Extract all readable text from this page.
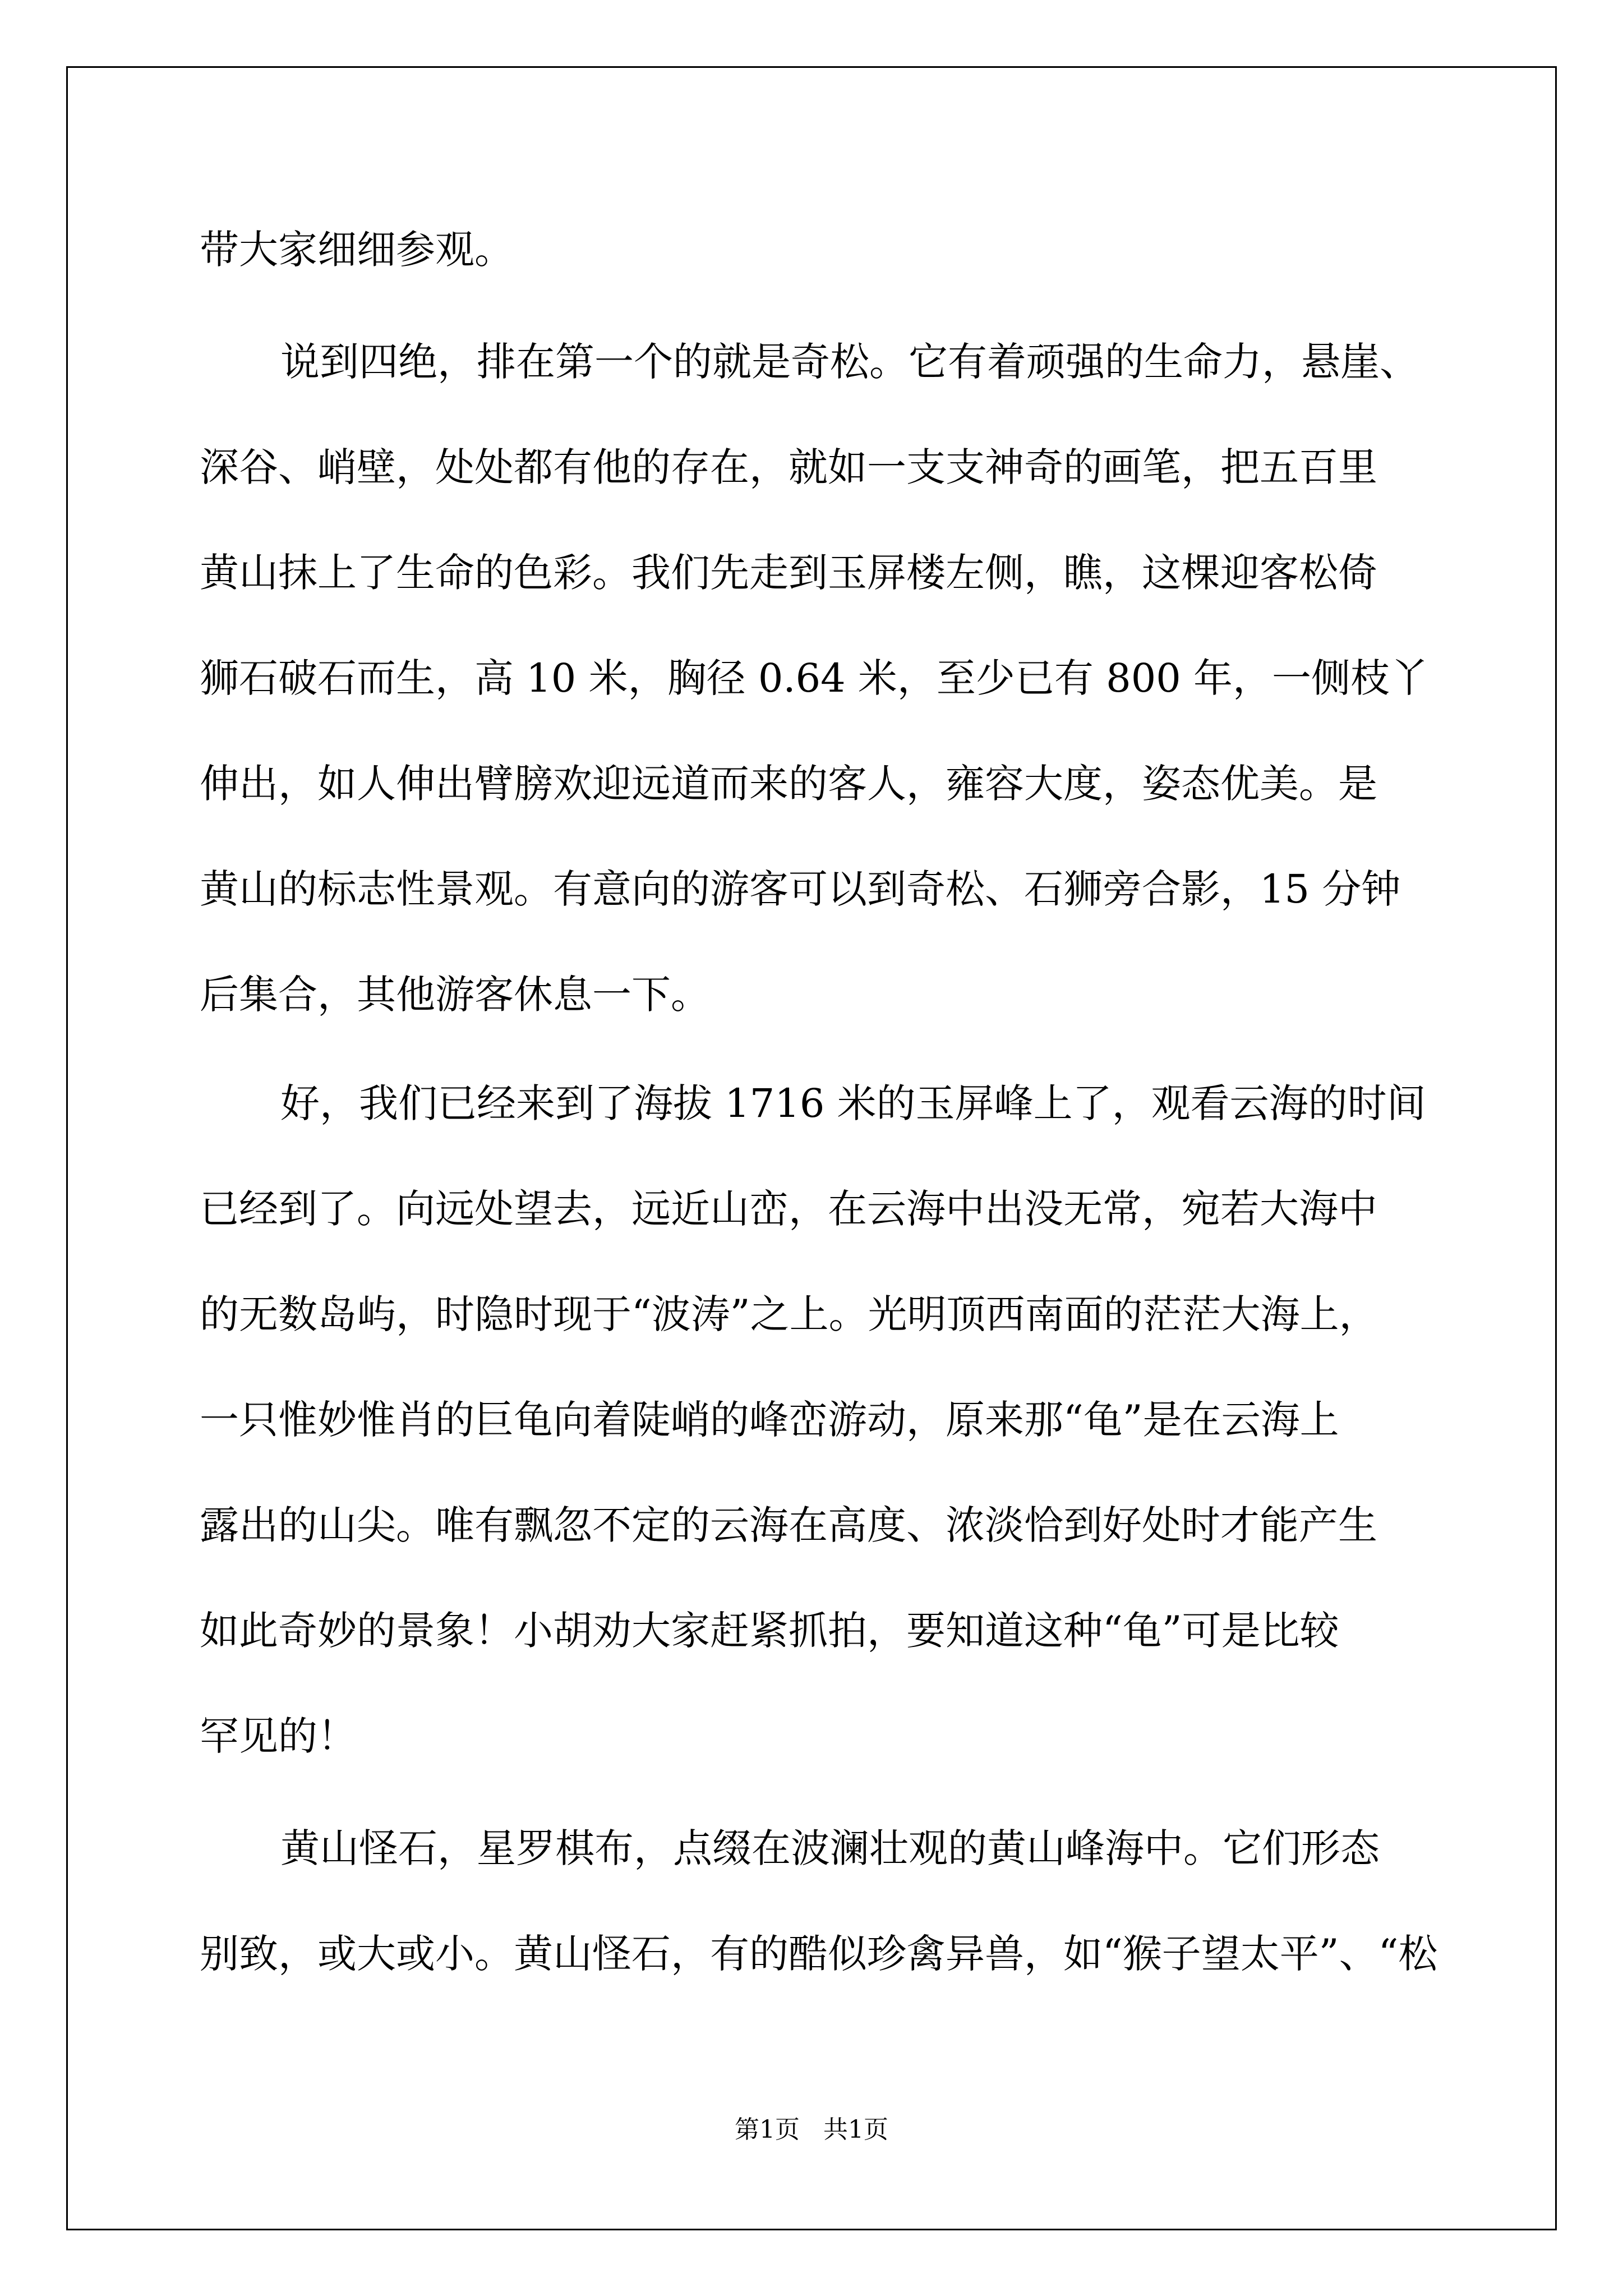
带大家细细参观。
说到四绝，排在第一个的就是奇松。它有着顽强的生命力，悬崖、
深谷、峭壁，处处都有他的存在，就如一支支神奇的画笔，把五百里
黄山抹上了生命的色彩。我们先走到玉屏楼左侧，瞧，这棵迎客松倚
狮石破石而生，高 10 米，胸径 0.64 米，至少已有 800 年，一侧枝丫
伸出，如人伸出臂膀欢迎远道而来的客人，雍容大度，姿态优美。是
黄山的标志性景观。有意向的游客可以到奇松、石狮旁合影，15 分钟
后集合，其他游客休息一下。
好，我们已经来到了海拔 1716 米的玉屏峰上了，观看云海的时间
已经到了。向远处望去，远近山峦，在云海中出没无常，宛若大海中
的无数岛屿，时隐时现于“波涛”之上。光明顶西南面的茫茫大海上，
一只惟妙惟肖的巨龟向着陡峭的峰峦游动，原来那“龟”是在云海上
露出的山尖。唯有飘忽不定的云海在高度、浓淡恰到好处时才能产生
如此奇妙的景象！小胡劝大家赶紧抓拍，要知道这种“龟”可是比较
罕见的！
黄山怪石，星罗棋布，点缀在波澜壮观的黄山峰海中。它们形态
别致，或大或小。黄山怪石，有的酷似珍禽异兽，如“猴子望太平”、“松
第1页 共1页
